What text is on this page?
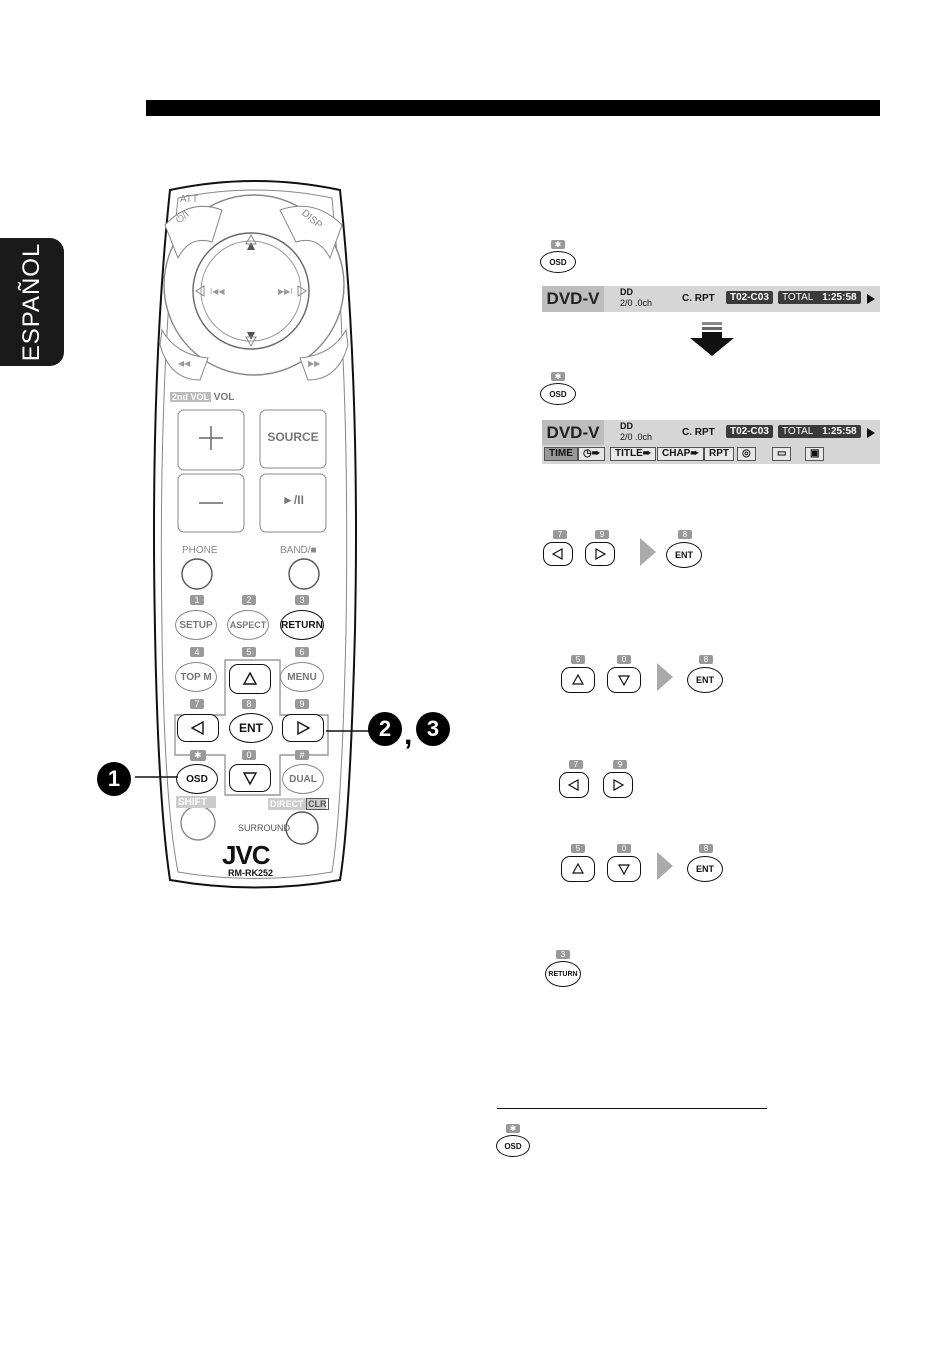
ESPAÑOL	I◀◀	▶▶I
◀◀	▶▶
ATT
⏻/I	DISP
2nd VOL VOL
SOURCE
►/II
PHONE	BAND/■
1	2	3
SETUP	ASPECT RETURN
4	5	6
TOP M	MENU
7	8	9
ENT
✱	0	#
OSD	DUAL
SHIFT	DIRECT CLR
SURROUND
JVC
RM-RK252
1
2 , 3
✱
OSD
DVD-V	DD
2/0 .0ch	C. RPT	T02-C03	TOTAL 1:25:58
✱
OSD
DVD-V	DD
2/0 .0ch	C. RPT	T02-C03	TOTAL 1:25:58
TIME	◷➨	TITLE➨	CHAP➨	RPT	◎	▭	▣
7	9	8
ENT
5	0	8
ENT
7	9
5	0	8
ENT
3
RETURN
✱
OSD
